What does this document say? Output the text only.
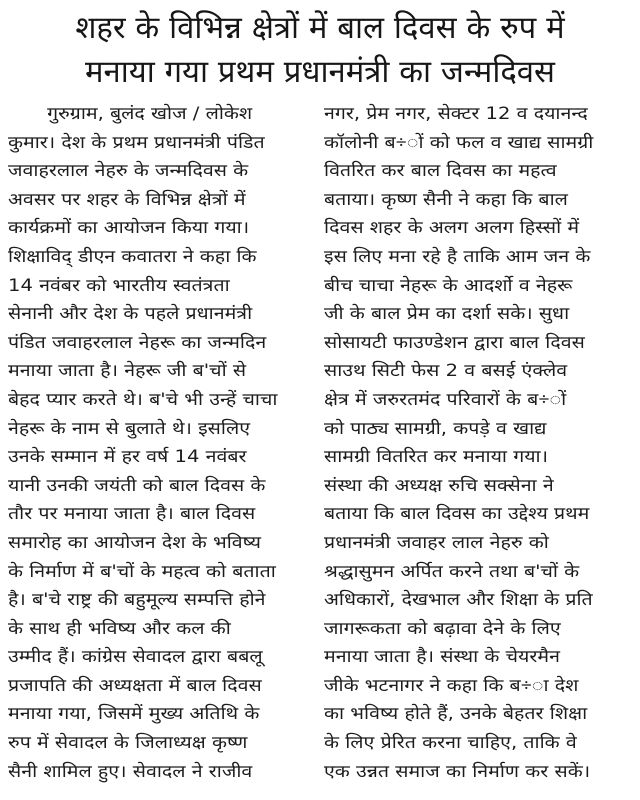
शहर के विभिन्न क्षेत्रों में बाल दिवस के रुप में
मनाया गया प्रथम प्रधानमंत्री का जन्मदिवस
गुरुग्राम, बुलंद खोज / लोकेश
कुमार। देश के प्रथम प्रधानमंत्री पंडित
जवाहरलाल नेहरु के जन्मदिवस के
अवसर पर शहर के विभिन्न क्षेत्रों में
कार्यक्रमों का आयोजन किया गया।
शिक्षाविद् डीएन कवातरा ने कहा कि
14 नवंबर को भारतीय स्वतंत्रता
सेनानी और देश के पहले प्रधानमंत्री
पंडित जवाहरलाल नेहरू का जन्मदिन
मनाया जाता है। नेहरू जी ब'चों से
बेहद प्यार करते थे। ब'चे भी उन्हें चाचा
नेहरू के नाम से बुलाते थे। इसलिए
उनके सम्मान में हर वर्ष 14 नवंबर
यानी उनकी जयंती को बाल दिवस के
तौर पर मनाया जाता है। बाल दिवस
समारोह का आयोजन देश के भविष्य
के निर्माण में ब'चों के महत्व को बताता
है। ब'चे राष्ट्र की बहुमूल्य सम्पत्ति होने
के साथ ही भविष्य और कल की
उम्मीद हैं। कांग्रेस सेवादल द्वारा बबलू
प्रजापति की अध्यक्षता में बाल दिवस
मनाया गया, जिसमें मुख्य अतिथि के
रुप में सेवादल के जिलाध्यक्ष कृष्ण
सैनी शामिल हुए। सेवादल ने राजीव
नगर, प्रेम नगर, सेक्टर 12 व दयानन्द
कॉलोनी ब÷ों को फल व खाद्य सामग्री
वितरित कर बाल दिवस का महत्व
बताया। कृष्ण सैनी ने कहा कि बाल
दिवस शहर के अलग अलग हिस्सों में
इस लिए मना रहे है ताकि आम जन के
बीच चाचा नेहरू के आदर्शो व नेहरू
जी के बाल प्रेम का दर्शा सके। सुधा
सोसायटी फाउण्डेशन द्वारा बाल दिवस
साउथ सिटी फेस 2 व बसई एंक्लेव
क्षेत्र में जरुरतमंद परिवारों के ब÷ों
को पाठ्य सामग्री, कपड़े व खाद्य
सामग्री वितरित कर मनाया गया।
संस्था की अध्यक्ष रुचि सक्सेना ने
बताया कि बाल दिवस का उद्देश्य प्रथम
प्रधानमंत्री जवाहर लाल नेहरु को
श्रद्धासुमन अर्पित करने तथा ब'चों के
अधिकारों, देखभाल और शिक्षा के प्रति
जागरूकता को बढ़ावा देने के लिए
मनाया जाता है। संस्था के चेयरमैन
जीके भटनागर ने कहा कि ब÷ा देश
का भविष्य होते हैं, उनके बेहतर शिक्षा
के लिए प्रेरित करना चाहिए, ताकि वे
एक उन्नत समाज का निर्माण कर सकें।
